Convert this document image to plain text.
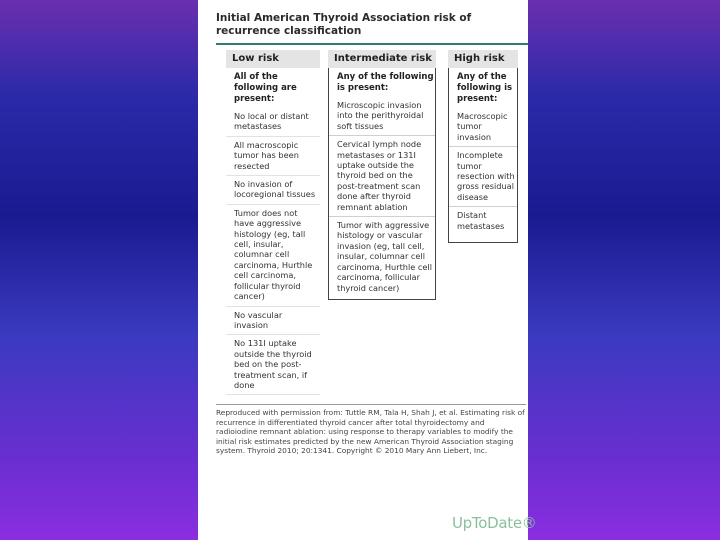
Initial American Thyroid Association risk of recurrence classification
Low risk
All of the following are present:
No local or distant metastases
All macroscopic tumor has been resected
No invasion of locoregional tissues
Tumor does not have aggressive histology (eg, tall cell, insular, columnar cell carcinoma, Hurthle cell carcinoma, follicular thyroid cancer)
No vascular invasion
No 131I uptake outside the thyroid bed on the post-treatment scan, if done
Intermediate risk
Any of the following is present:
Microscopic invasion into the perithyroidal soft tissues
Cervical lymph node metastases or 131I uptake outside the thyroid bed on the post-treatment scan done after thyroid remnant ablation
Tumor with aggressive histology or vascular invasion (eg, tall cell, insular, columnar cell carcinoma, Hurthle cell carcinoma, follicular thyroid cancer)
High risk
Any of the following is present:
Macroscopic tumor invasion
Incomplete tumor resection with gross residual disease
Distant metastases
Reproduced with permission from: Tuttle RM, Tala H, Shah J, et al. Estimating risk of recurrence in differentiated thyroid cancer after total thyroidectomy and radioiodine remnant ablation: using response to therapy variables to modify the initial risk estimates predicted by the new American Thyroid Association staging system. Thyroid 2010; 20:1341. Copyright © 2010 Mary Ann Liebert, Inc.
UpToDate®
